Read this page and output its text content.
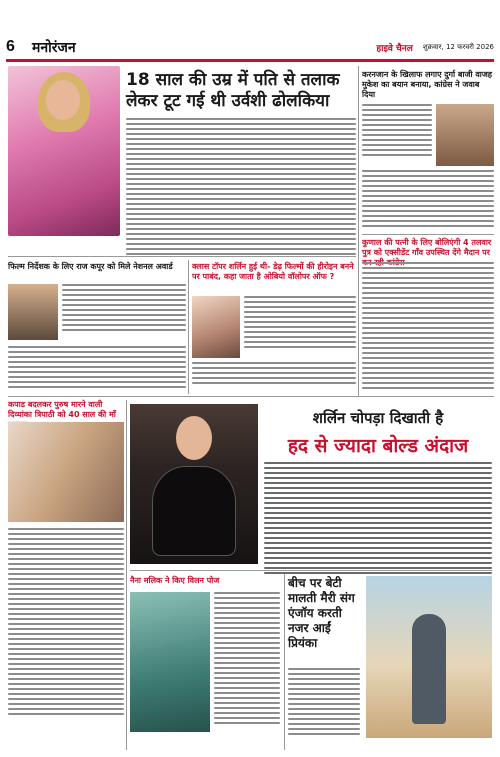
6	मनोरंजन	हाइवे चैनल शुक्रवार, 12 फरवरी 2026
18 साल की उम्र में पति से तलाक लेकर टूट गई थी उर्वशी ढोलकिया
करनजान के खिलाफ लगाए दुर्गा बाजी वाजह मुकेश का बयान बनाया, कांग्रेस ने जवाब दिया
कुणाल की पत्नी के लिए बोलिएंगी 4 तलवार पुत्र को एक्सीडेंट गाँव उपस्थित देंगे मैदान पर
फिल्म निर्देशक के लिए राज कपूर को मिले नेशनल अवार्ड	क्लास टॉपर शर्लिन हुई थी- डेढ़ फिल्मों की हीरोइन बनने पर पाबंद, कहा जाता है ओबियो वॉलोपर ऑफ ?
कपाड बदलकर पुरुष मारने वाली दिव्यांका त्रिपाठी को 40 साल की माँ	शर्लिन चोपड़ा दिखाती है
हद से ज्यादा बोल्ड अंदाज
नैना मलिक ने किए विलन पोज	बीच पर बेटी मालती मैरी संग एंजॉय करती नजर आईं प्रियंका
